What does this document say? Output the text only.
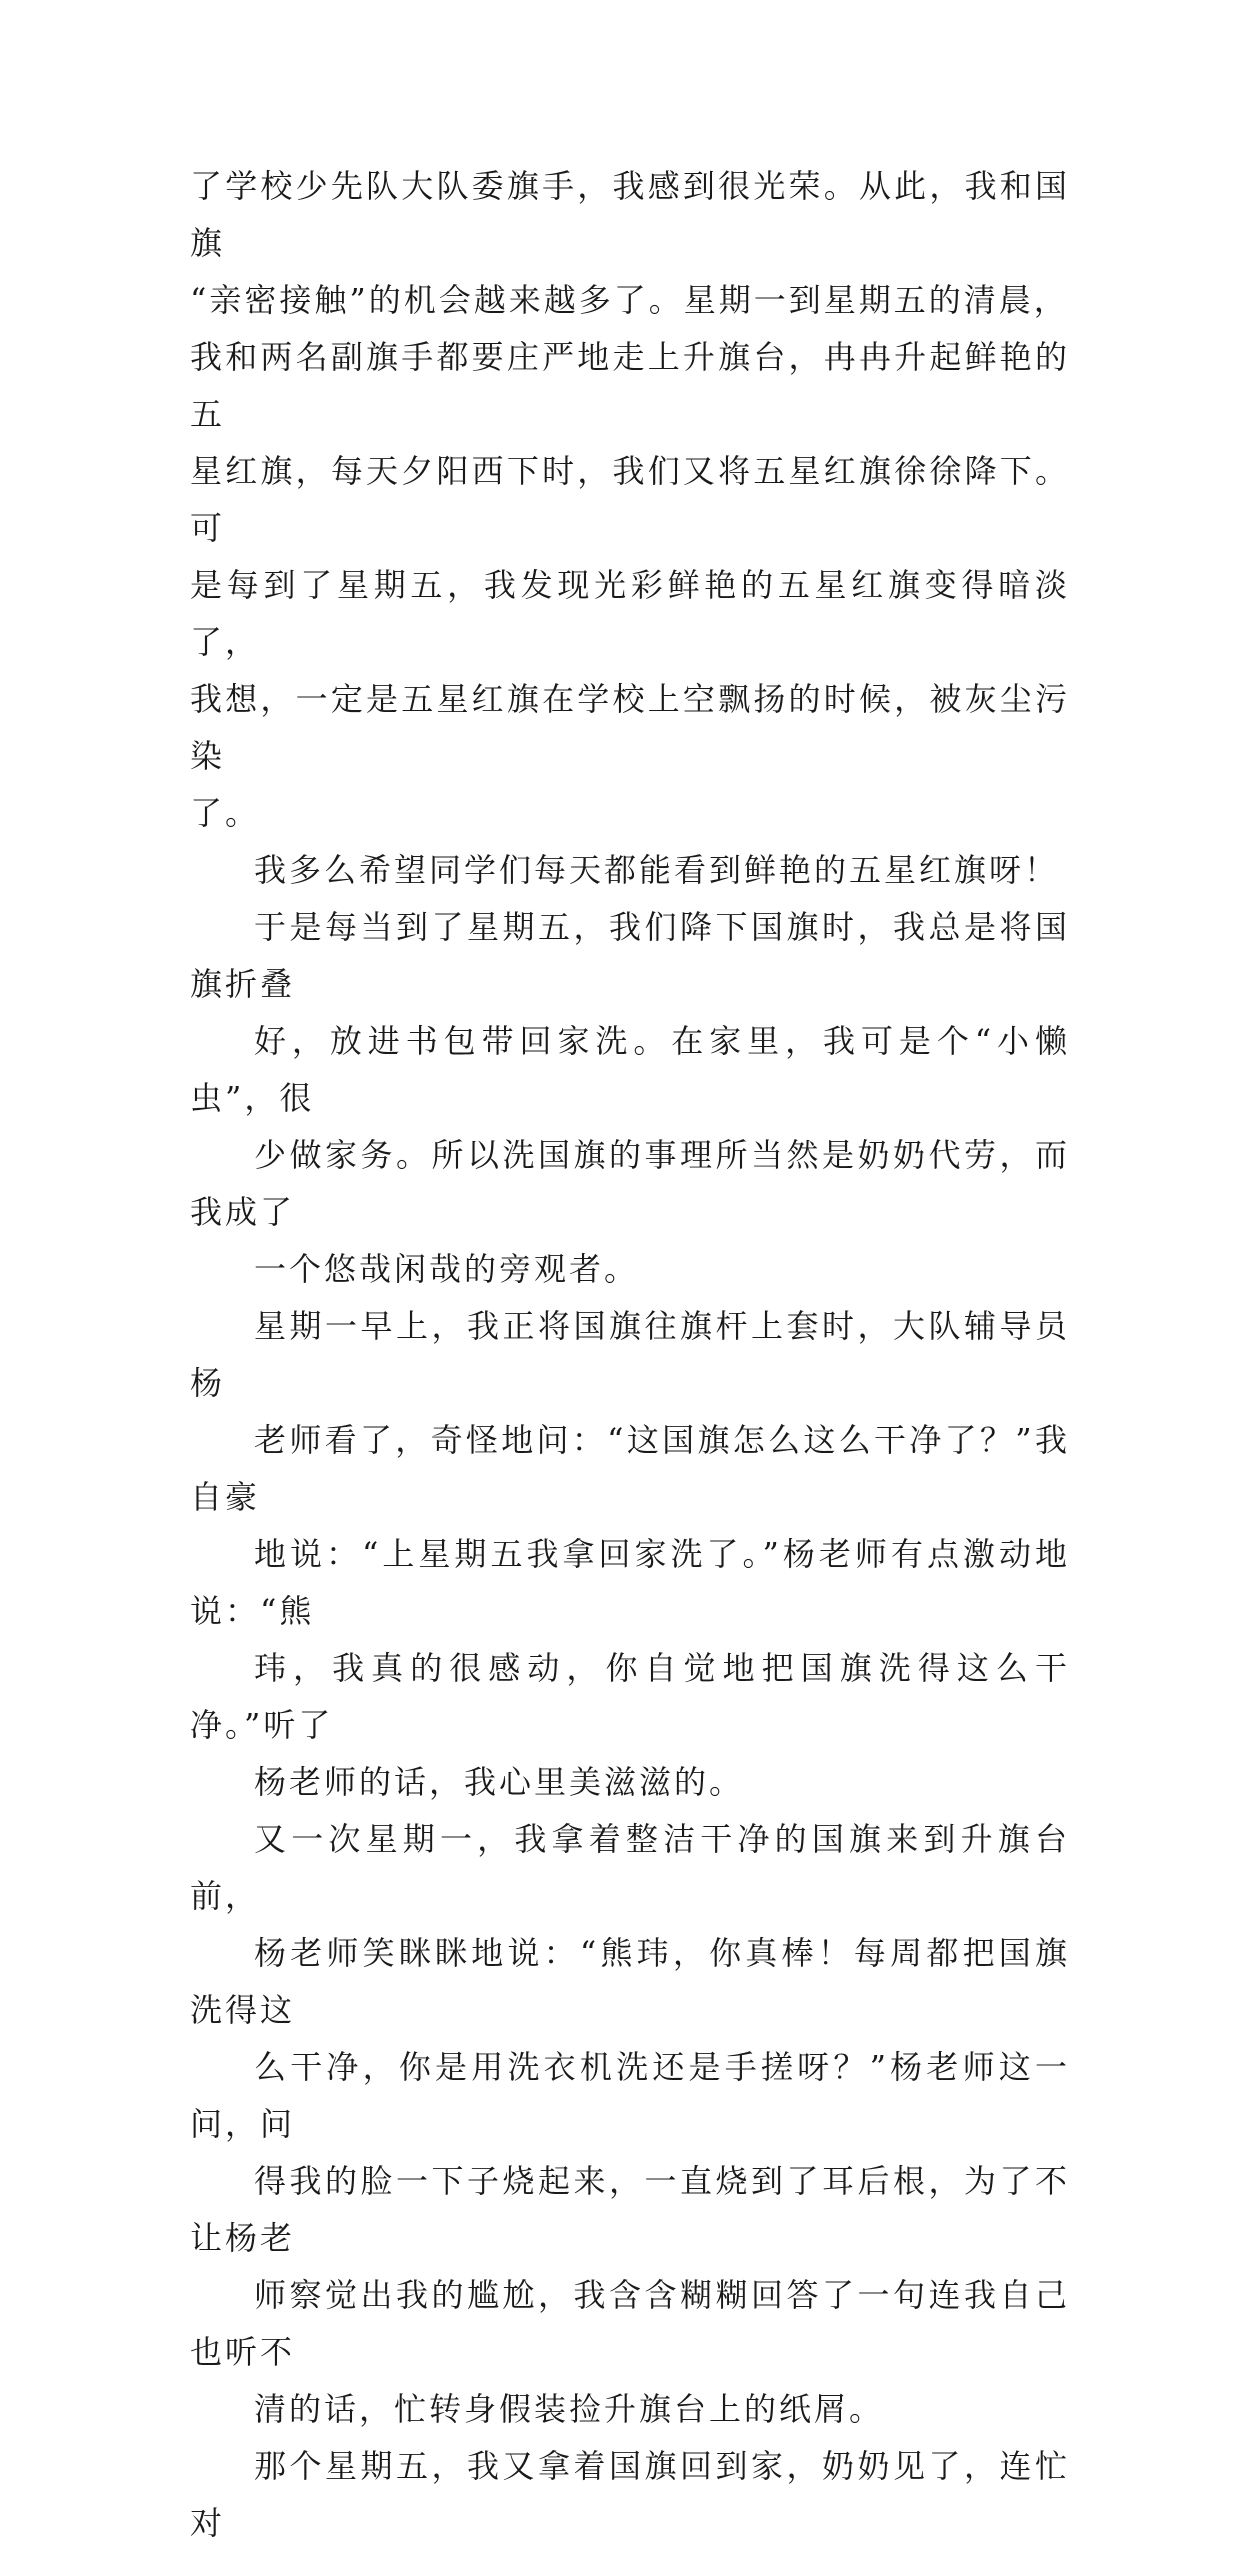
了学校少先队大队委旗手，我感到很光荣。从此，我和国旗
“亲密接触”的机会越来越多了。星期一到星期五的清晨，
我和两名副旗手都要庄严地走上升旗台，冉冉升起鲜艳的五
星红旗，每天夕阳西下时，我们又将五星红旗徐徐降下。可
是每到了星期五，我发现光彩鲜艳的五星红旗变得暗淡了，
我想，一定是五星红旗在学校上空飘扬的时候，被灰尘污染
了。
我多么希望同学们每天都能看到鲜艳的五星红旗呀！
于是每当到了星期五，我们降下国旗时，我总是将国旗折叠
好，放进书包带回家洗。在家里，我可是个“小懒虫”，很
少做家务。所以洗国旗的事理所当然是奶奶代劳，而我成了
一个悠哉闲哉的旁观者。
星期一早上，我正将国旗往旗杆上套时，大队辅导员杨
老师看了，奇怪地问：“这国旗怎么这么干净了？”我自豪
地说：“上星期五我拿回家洗了。”杨老师有点激动地说：“熊
玮，我真的很感动，你自觉地把国旗洗得这么干净。”听了
杨老师的话，我心里美滋滋的。
又一次星期一，我拿着整洁干净的国旗来到升旗台前，
杨老师笑眯眯地说：“熊玮，你真棒！每周都把国旗洗得这
么干净，你是用洗衣机洗还是手搓呀？”杨老师这一问，问
得我的脸一下子烧起来，一直烧到了耳后根，为了不让杨老
师察觉出我的尴尬，我含含糊糊回答了一句连我自己也听不
清的话，忙转身假装捡升旗台上的纸屑。
那个星期五，我又拿着国旗回到家，奶奶见了，连忙对
